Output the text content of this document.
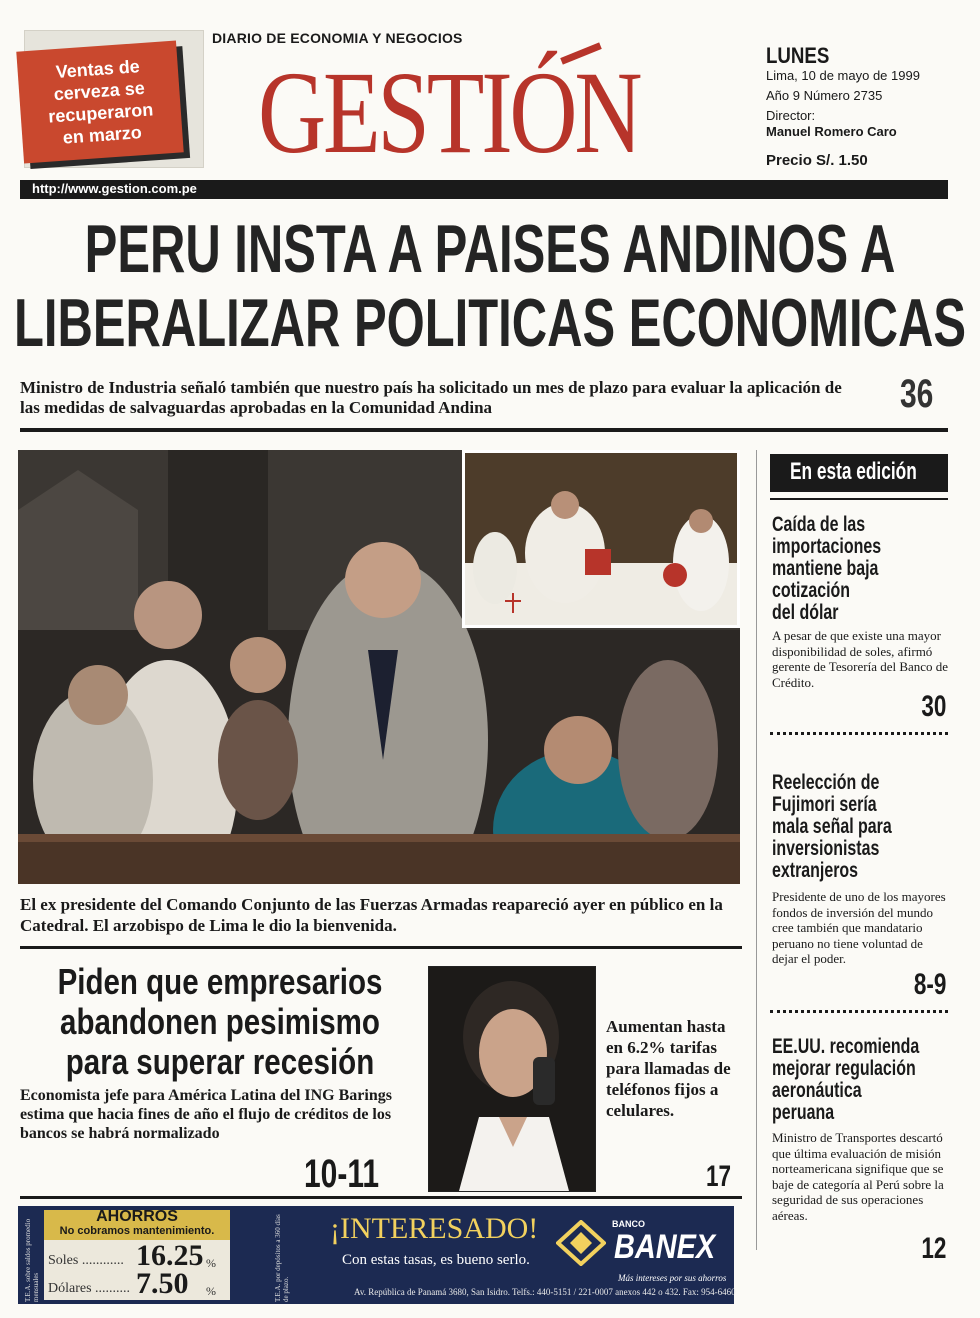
Ventas de
cerveza se
recuperaron
en marzo
DIARIO DE ECONOMIA Y NEGOCIOS
GESTIÓN	LUNES
Lima, 10 de mayo de 1999
Año 9 Número 2735
Director:
Manuel Romero Caro
Precio S/. 1.50
http://www.gestion.com.pe
PERU INSTA A PAISES ANDINOS A
LIBERALIZAR POLITICAS ECONOMICAS
Ministro de Industria señaló también que nuestro país ha solicitado un mes de plazo para evaluar la aplicación de las medidas de salvaguardas aprobadas en la Comunidad Andina	36
El ex presidente del Comando Conjunto de las Fuerzas Armadas reapareció ayer en público en la Catedral. El arzobispo de Lima le dio la bienvenida.
En esta edición
Caída de las
importaciones
mantiene baja
cotización
del dólar
A pesar de que existe una mayor disponibilidad de soles, afirmó gerente de Tesorería del Banco de Crédito.
30
Reelección de
Fujimori sería
mala señal para
inversionistas
extranjeros
Presidente de uno de los mayores fondos de inversión del mundo cree también que mandatario peruano no tiene voluntad de dejar el poder.
8-9
EE.UU. recomienda
mejorar regulación
aeronáutica
peruana
Ministro de Transportes descartó que última evaluación de misión norteamericana signifique que se baje de categoría al Perú sobre la seguridad de sus operaciones aéreas.
12
Piden que empresarios
abandonen pesimismo
para superar recesión
Economista jefe para América Latina del ING Barings estima que hacia fines de año el flujo de créditos de los bancos se habrá normalizado
10-11
Aumentan hasta en 6.2% tarifas para llamadas de teléfonos fijos a celulares.
17
AHORROS
No cobramos mantenimiento.
Soles ............ 16.25 %
Dólares .......... 7.50 %
T.E.A. sobre saldos promedio mensuales	T.E.A. por depósitos a 360 días de plazo.
¡INTERESADO!
Con estas tasas, es bueno serlo.
BANCO
BANEX
Más intereses por sus ahorros
Av. República de Panamá 3680, San Isidro. Telfs.: 440-5151 / 221-0007 anexos 442 o 432. Fax: 954-6460
